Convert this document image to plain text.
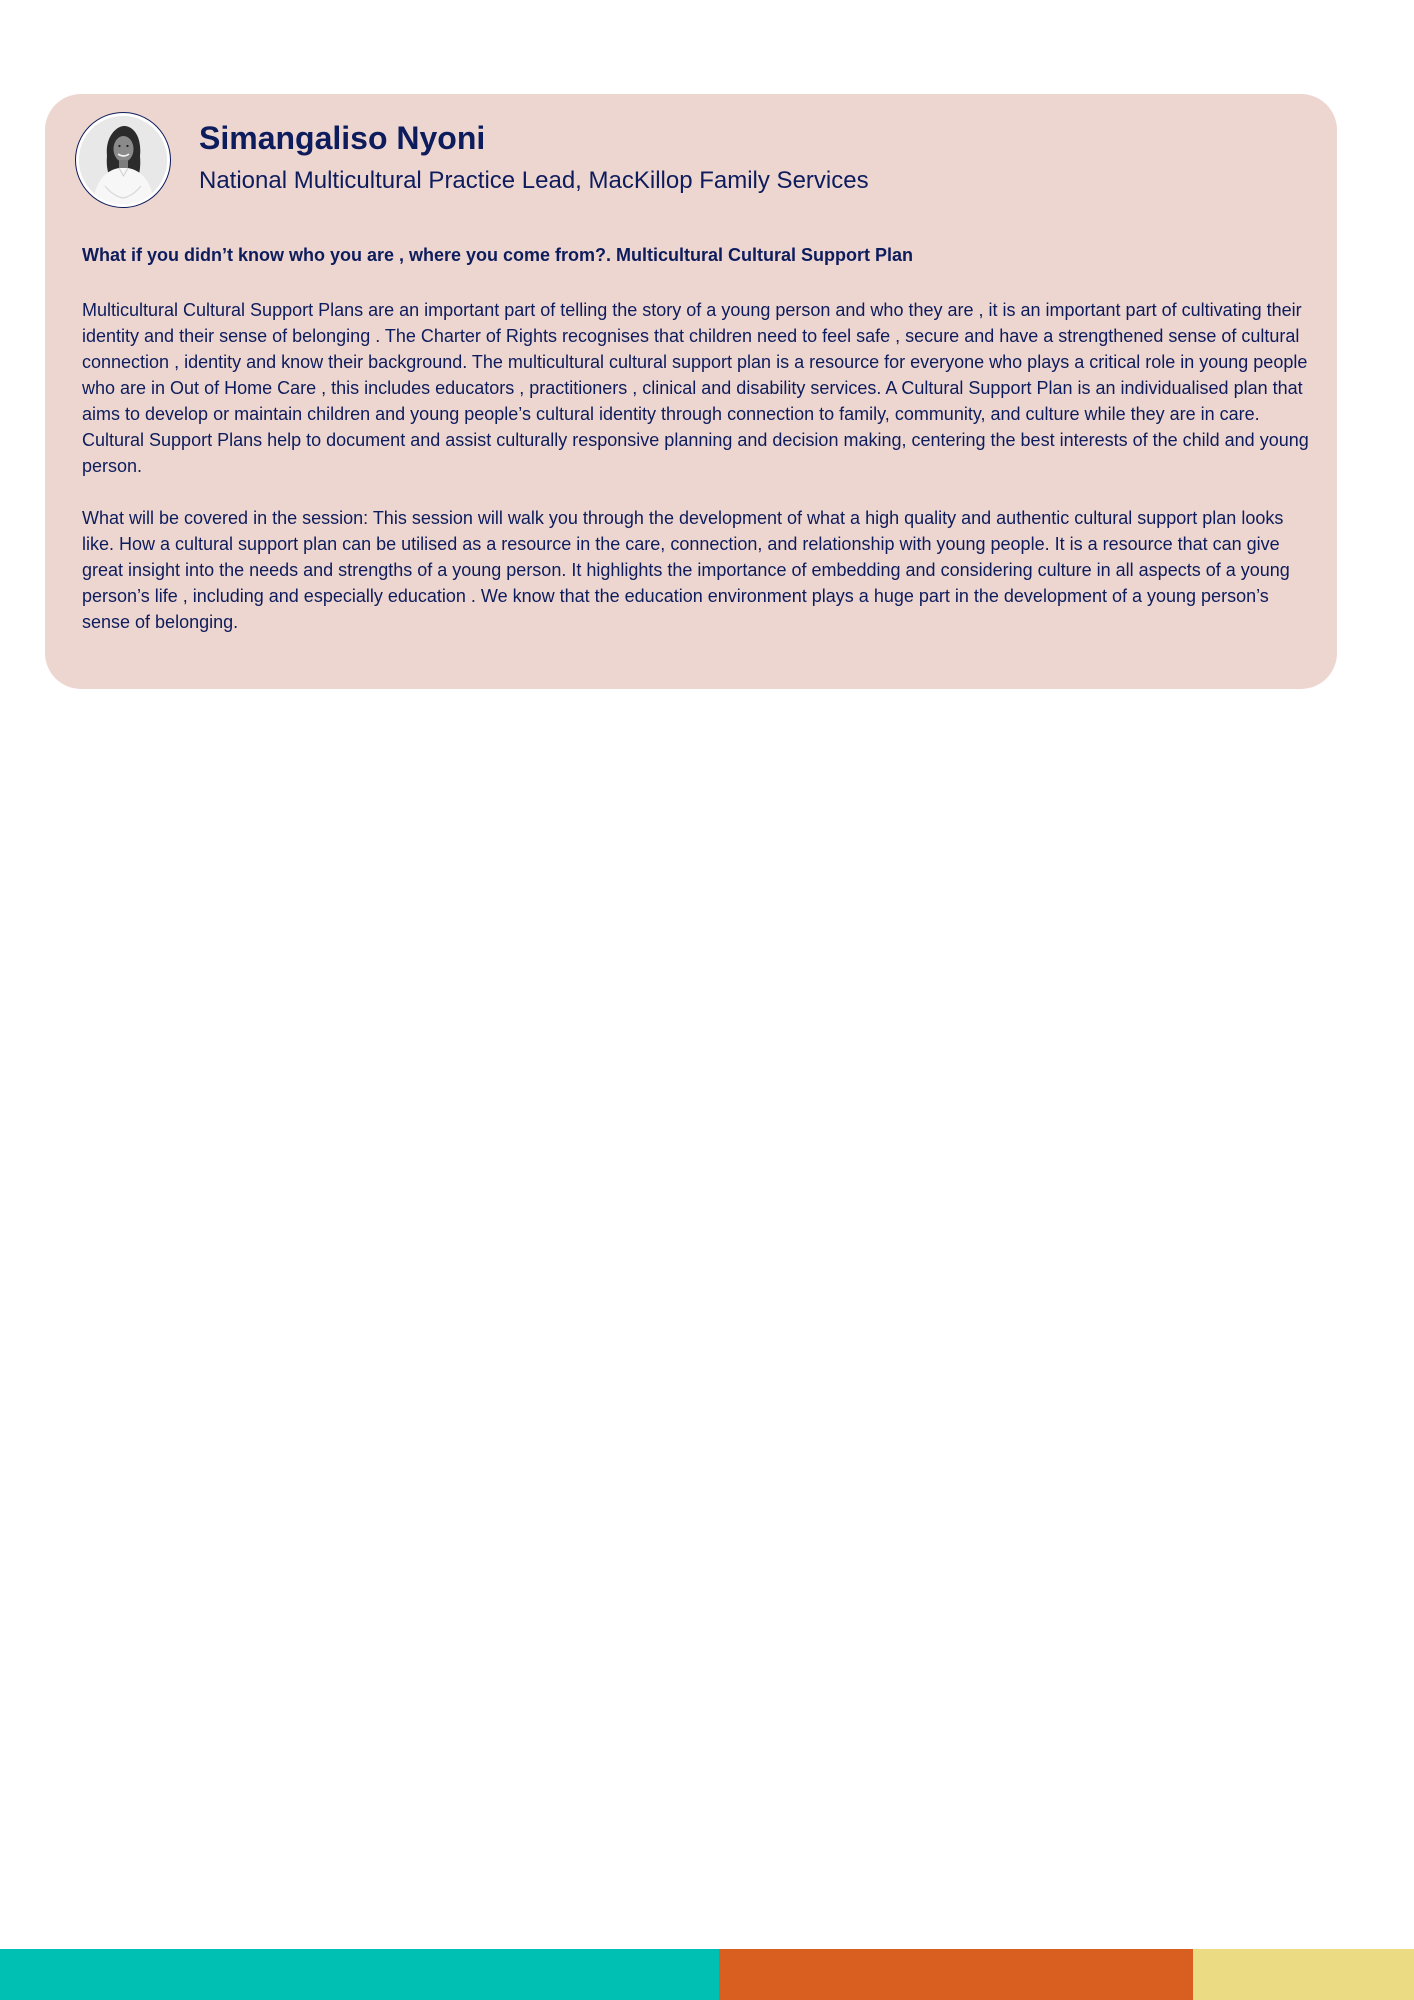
Simangaliso Nyoni

National Multicultural Practice Lead, MacKillop Family Services

What if you didn’t know who you are , where you come from?. Multicultural Cultural Support Plan

Multicultural Cultural Support Plans are an important part of telling the story of a young person and who they are , it is an important part of cultivating their identity and their sense of belonging . The Charter of Rights recognises that children need to feel safe , secure and have a strengthened sense of cultural connection , identity and know their background. The multicultural cultural support plan is a resource for everyone who plays a critical role in young people who are in Out of Home Care , this includes educators , practitioners , clinical and disability services. A Cultural Support Plan is an individualised plan that aims to develop or maintain children and young people’s cultural identity through connection to family, community, and culture while they are in care. Cultural Support Plans help to document and assist culturally responsive planning and decision making, centering the best interests of the child and young person.

What will be covered in the session: This session will walk you through the development of what a high quality and authentic cultural support plan looks like. How a cultural support plan can be utilised as a resource in the care, connection, and relationship with young people. It is a resource that can give great insight into the needs and strengths of a young person. It highlights the importance of embedding and considering culture in all aspects of a young person’s life , including and especially education . We know that the education environment plays a huge part in the development of a young person’s sense of belonging.
